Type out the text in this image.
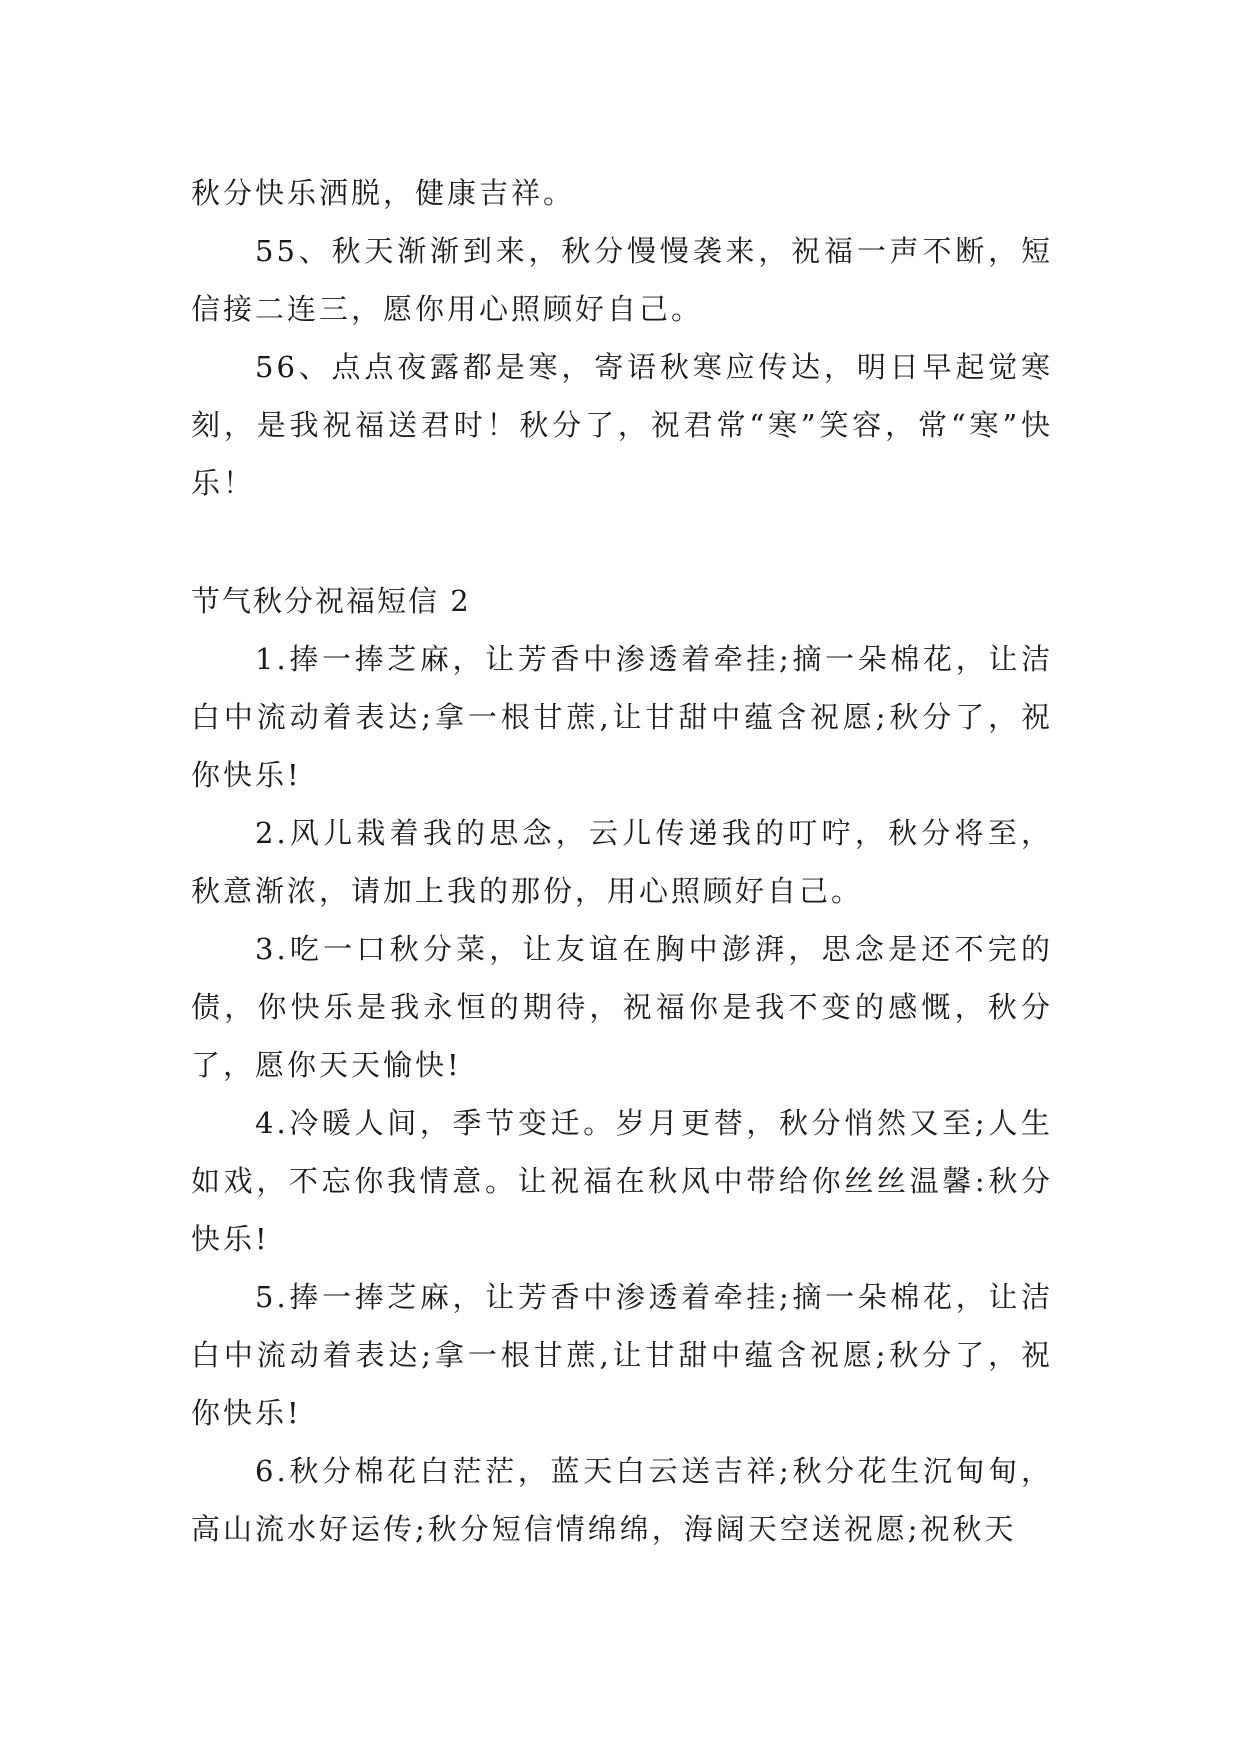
秋分快乐洒脱，健康吉祥。

55、秋天渐渐到来，秋分慢慢袭来，祝福一声不断，短信接二连三，愿你用心照顾好自己。

56、点点夜露都是寒，寄语秋寒应传达，明日早起觉寒刻，是我祝福送君时！秋分了，祝君常“寒”笑容，常“寒”快乐！

节气秋分祝福短信 2

1.捧一捧芝麻，让芳香中渗透着牵挂;摘一朵棉花，让洁白中流动着表达;拿一根甘蔗,让甘甜中蕴含祝愿;秋分了，祝你快乐!

2.风儿栽着我的思念，云儿传递我的叮咛，秋分将至，秋意渐浓，请加上我的那份，用心照顾好自己。

3.吃一口秋分菜，让友谊在胸中澎湃，思念是还不完的债，你快乐是我永恒的期待，祝福你是我不变的感慨，秋分了，愿你天天愉快!

4.冷暖人间，季节变迁。岁月更替，秋分悄然又至;人生如戏，不忘你我情意。让祝福在秋风中带给你丝丝温馨:秋分快乐!

5.捧一捧芝麻，让芳香中渗透着牵挂;摘一朵棉花，让洁白中流动着表达;拿一根甘蔗,让甘甜中蕴含祝愿;秋分了，祝你快乐!

6.秋分棉花白茫茫，蓝天白云送吉祥;秋分花生沉甸甸，高山流水好运传;秋分短信情绵绵，海阔天空送祝愿;祝秋天
